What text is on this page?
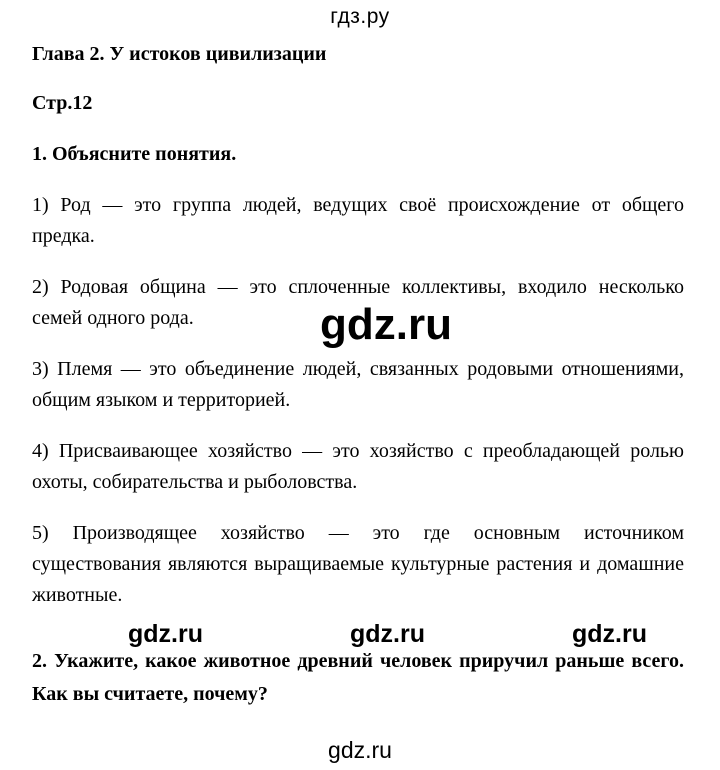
гдз.ру

Глава 2. У истоков цивилизации

Стр.12

1. Объясните понятия.

1) Род — это группа людей, ведущих своё происхождение от общего предка.

2) Родовая община — это сплоченные коллективы, входило несколько семей одного рода.

3) Племя — это объединение людей, связанных родовыми отношениями, общим языком и территорией.

4) Присваивающее хозяйство — это хозяйство с преобладающей ролью охоты, собирательства и рыболовства.

5) Производящее хозяйство — это где основным источником существования являются выращиваемые культурные растения и домашние животные.

2. Укажите, какое животное древний человек приручил раньше всего. Как вы считаете, почему?

gdz.ru
gdz.ru	gdz.ru	gdz.ru
gdz.ru
